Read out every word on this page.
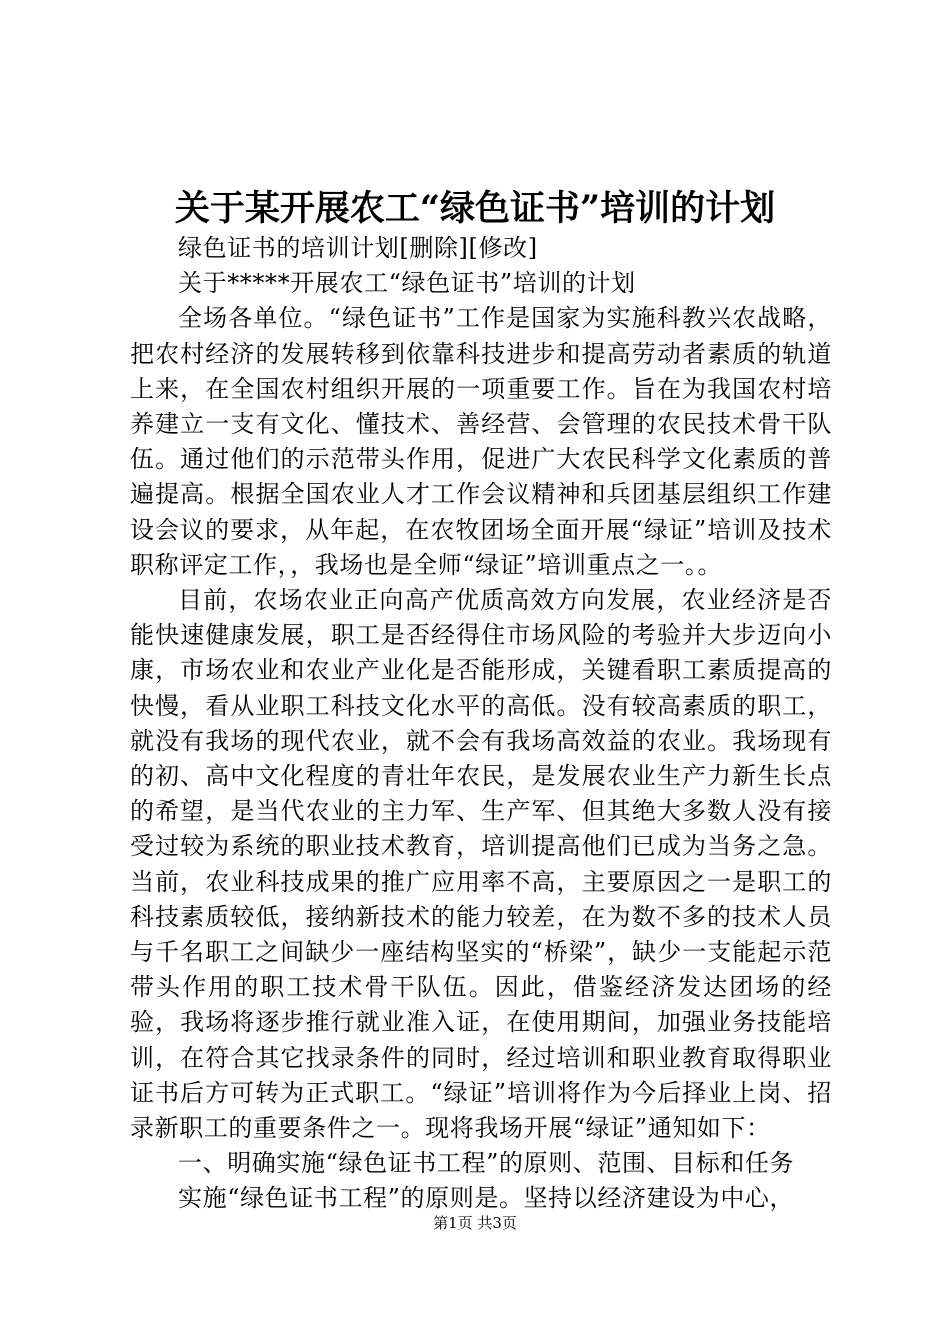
关于某开展农工“绿色证书”培训的计划

绿色证书的培训计划[删除][修改]

关于*****开展农工“绿色证书”培训的计划

全场各单位。“绿色证书”工作是国家为实施科教兴农战略，把农村经济的发展转移到依靠科技进步和提高劳动者素质的轨道上来，在全国农村组织开展的一项重要工作。旨在为我国农村培养建立一支有文化、懂技术、善经营、会管理的农民技术骨干队伍。通过他们的示范带头作用，促进广大农民科学文化素质的普遍提高。根据全国农业人才工作会议精神和兵团基层组织工作建设会议的要求，从年起，在农牧团场全面开展“绿证”培训及技术职称评定工作，，我场也是全师“绿证”培训重点之一。。

目前，农场农业正向高产优质高效方向发展，农业经济是否能快速健康发展，职工是否经得住市场风险的考验并大步迈向小康，市场农业和农业产业化是否能形成，关键看职工素质提高的快慢，看从业职工科技文化水平的高低。没有较高素质的职工，就没有我场的现代农业，就不会有我场高效益的农业。我场现有的初、高中文化程度的青壮年农民，是发展农业生产力新生长点的希望，是当代农业的主力军、生产军、但其绝大多数人没有接受过较为系统的职业技术教育，培训提高他们已成为当务之急。当前，农业科技成果的推广应用率不高，主要原因之一是职工的科技素质较低，接纳新技术的能力较差，在为数不多的技术人员与千名职工之间缺少一座结构坚实的“桥梁”，缺少一支能起示范带头作用的职工技术骨干队伍。因此，借鉴经济发达团场的经验，我场将逐步推行就业准入证，在使用期间，加强业务技能培训，在符合其它找录条件的同时，经过培训和职业教育取得职业证书后方可转为正式职工。“绿证”培训将作为今后择业上岗、招录新职工的重要条件之一。现将我场开展“绿证”通知如下：

一、明确实施“绿色证书工程”的原则、范围、目标和任务

实施“绿色证书工程”的原则是。坚持以经济建设为中心，

第1页 共3页
